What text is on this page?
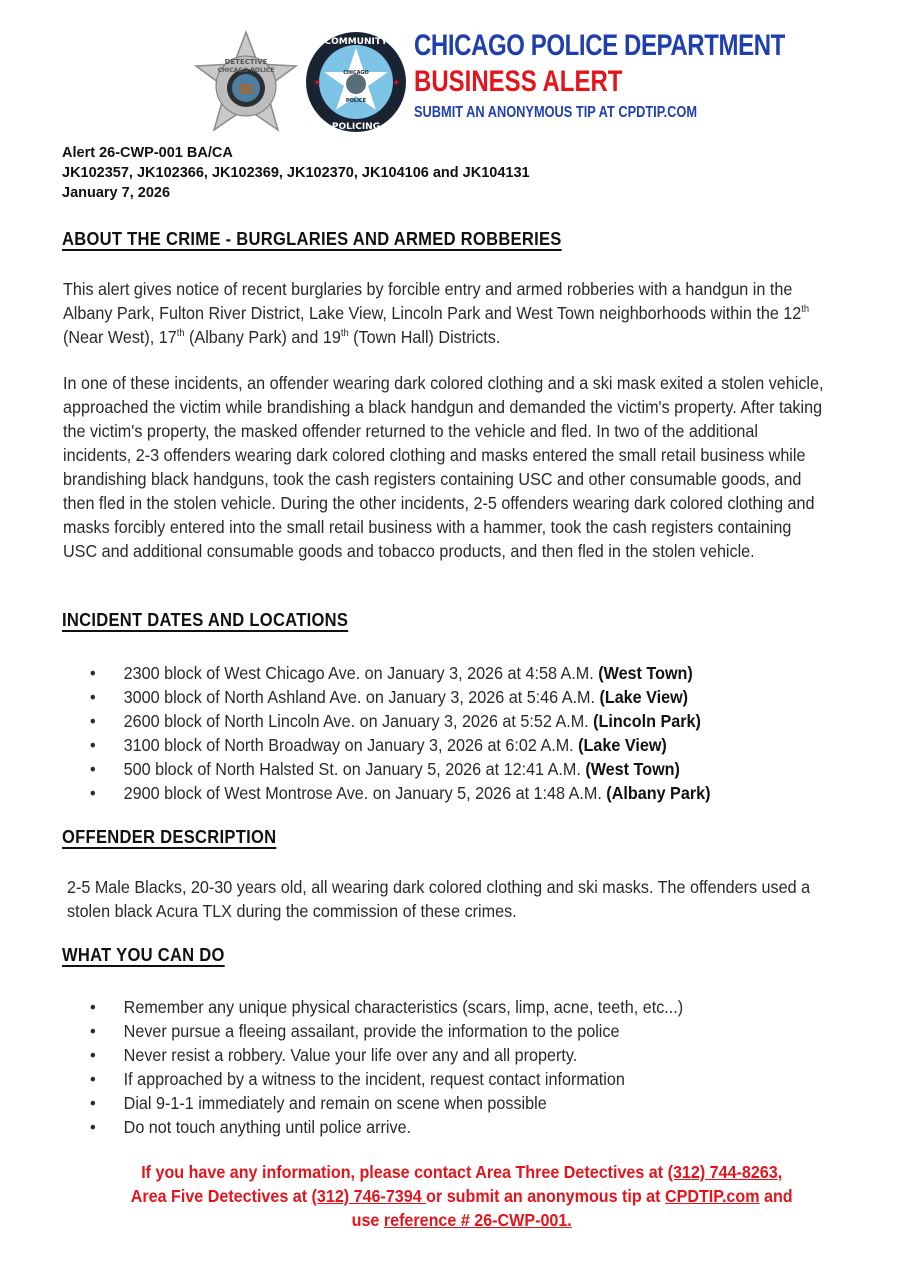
DETECTIVE
CHICAGO POLICE
COMMUNITY
POLICING
CHICAGO
POLICE
✶	✶
CHICAGO POLICE DEPARTMENT
BUSINESS ALERT
SUBMIT AN ANONYMOUS TIP AT CPDTIP.COM
Alert 26-CWP-001 BA/CA
JK102357, JK102366, JK102369, JK102370, JK104106 and JK104131
January 7, 2026
ABOUT THE CRIME - BURGLARIES AND ARMED ROBBERIES
This alert gives notice of recent burglaries by forcible entry and armed robberies with a handgun in the Albany Park, Fulton River District, Lake View, Lincoln Park and West Town neighborhoods within the 12th (Near West), 17th (Albany Park) and 19th (Town Hall) Districts.
In one of these incidents, an offender wearing dark colored clothing and a ski mask exited a stolen vehicle, approached the victim while brandishing a black handgun and demanded the victim's property. After taking the victim's property, the masked offender returned to the vehicle and fled. In two of the additional incidents, 2-3 offenders wearing dark colored clothing and masks entered the small retail business while brandishing black handguns, took the cash registers containing USC and other consumable goods, and then fled in the stolen vehicle. During the other incidents, 2-5 offenders wearing dark colored clothing and masks forcibly entered into the small retail business with a hammer, took the cash registers containing USC and additional consumable goods and tobacco products, and then fled in the stolen vehicle.
INCIDENT DATES AND LOCATIONS
• 2300 block of West Chicago Ave. on January 3, 2026 at 4:58 A.M. (West Town)
• 3000 block of North Ashland Ave. on January 3, 2026 at 5:46 A.M. (Lake View)
• 2600 block of North Lincoln Ave. on January 3, 2026 at 5:52 A.M. (Lincoln Park)
• 3100 block of North Broadway on January 3, 2026 at 6:02 A.M. (Lake View)
• 500 block of North Halsted St. on January 5, 2026 at 12:41 A.M. (West Town)
• 2900 block of West Montrose Ave. on January 5, 2026 at 1:48 A.M. (Albany Park)
OFFENDER DESCRIPTION
2-5 Male Blacks, 20-30 years old, all wearing dark colored clothing and ski masks. The offenders used a stolen black Acura TLX during the commission of these crimes.
WHAT YOU CAN DO
• Remember any unique physical characteristics (scars, limp, acne, teeth, etc...)
• Never pursue a fleeing assailant, provide the information to the police
• Never resist a robbery. Value your life over any and all property.
• If approached by a witness to the incident, request contact information
• Dial 9-1-1 immediately and remain on scene when possible
• Do not touch anything until police arrive.
If you have any information, please contact Area Three Detectives at (312) 744-8263,
Area Five Detectives at (312) 746-7394 or submit an anonymous tip at CPDTIP.com and
use reference # 26-CWP-001.
